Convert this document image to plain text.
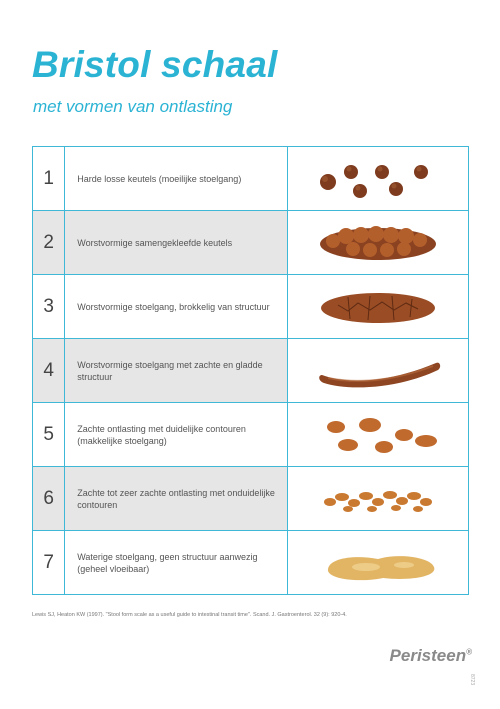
Bristol schaal

met vormen van ontlasting

1	Harde losse keutels (moeilijke stoelgang)	

2	Worstvormige samengekleefde keutels	

3	Worstvormige stoelgang, brokkelig van structuur	

4	Worstvormige stoelgang met zachte en gladde structuur	

5	Zachte ontlasting met duidelijke contouren (makkelijke stoelgang)	

6	Zachte tot zeer zachte ontlasting met onduidelijke contouren	

7	Waterige stoelgang, geen structuur aanwezig (geheel vloeibaar)	

Lewis SJ, Heaton KW (1997). "Stool form scale as a useful guide to intestinal transit time". Scand. J. Gastroenterol. 32 (9): 920-4.

Peristeen®
8723
